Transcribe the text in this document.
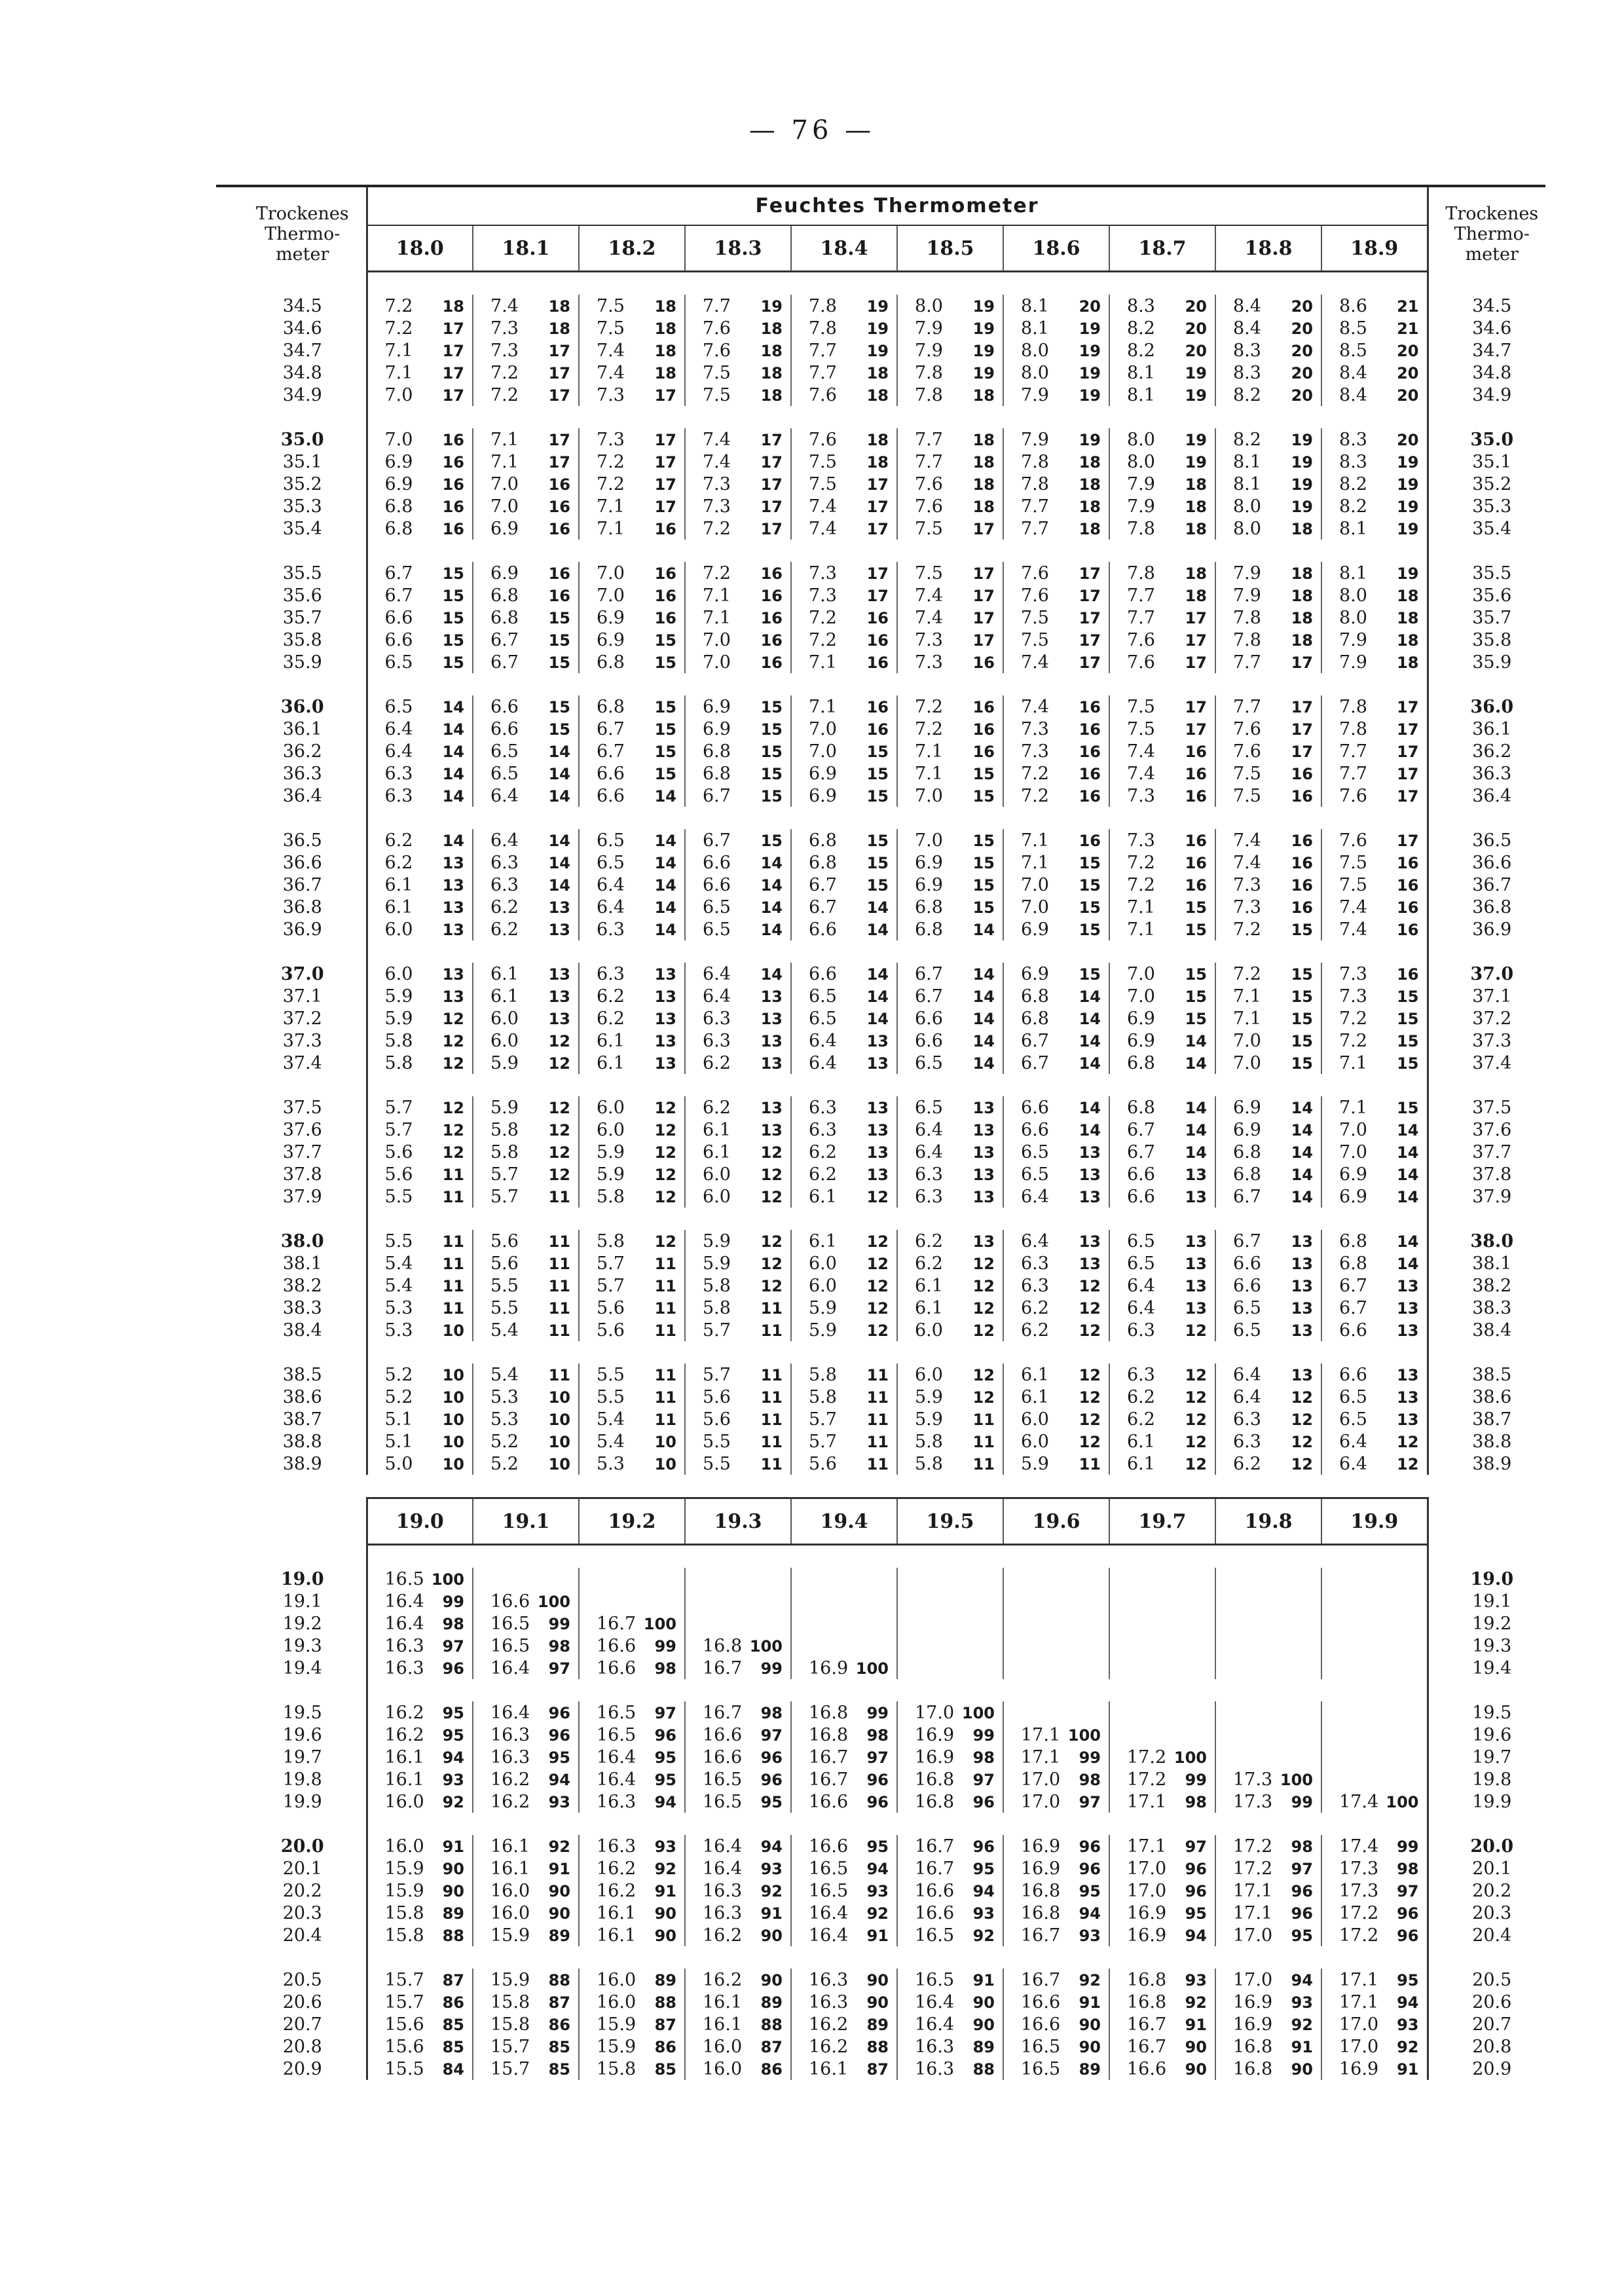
— 76 —
Trockenes Thermo-meter	Feuchtes Thermometer										Trockenes Thermo-meter
	18.0	18.1	18.2	18.3	18.4	18.5	18.6	18.7	18.8	18.9	

34.5	7.2 18	7.4 18	7.5 18	7.7 19	7.8 19	8.0 19	8.1 20	8.3 20	8.4 20	8.6 21	34.5
34.6	7.2 17	7.3 18	7.5 18	7.6 18	7.8 19	7.9 19	8.1 19	8.2 20	8.4 20	8.5 21	34.6
34.7	7.1 17	7.3 17	7.4 18	7.6 18	7.7 19	7.9 19	8.0 19	8.2 20	8.3 20	8.5 20	34.7
34.8	7.1 17	7.2 17	7.4 18	7.5 18	7.7 18	7.8 19	8.0 19	8.1 19	8.3 20	8.4 20	34.8
34.9	7.0 17	7.2 17	7.3 17	7.5 18	7.6 18	7.8 18	7.9 19	8.1 19	8.2 20	8.4 20	34.9

35.0	7.0 16	7.1 17	7.3 17	7.4 17	7.6 18	7.7 18	7.9 19	8.0 19	8.2 19	8.3 20	35.0
35.1	6.9 16	7.1 17	7.2 17	7.4 17	7.5 18	7.7 18	7.8 18	8.0 19	8.1 19	8.3 19	35.1
35.2	6.9 16	7.0 16	7.2 17	7.3 17	7.5 17	7.6 18	7.8 18	7.9 18	8.1 19	8.2 19	35.2
35.3	6.8 16	7.0 16	7.1 17	7.3 17	7.4 17	7.6 18	7.7 18	7.9 18	8.0 19	8.2 19	35.3
35.4	6.8 16	6.9 16	7.1 16	7.2 17	7.4 17	7.5 17	7.7 18	7.8 18	8.0 18	8.1 19	35.4

35.5	6.7 15	6.9 16	7.0 16	7.2 16	7.3 17	7.5 17	7.6 17	7.8 18	7.9 18	8.1 19	35.5
35.6	6.7 15	6.8 16	7.0 16	7.1 16	7.3 17	7.4 17	7.6 17	7.7 18	7.9 18	8.0 18	35.6
35.7	6.6 15	6.8 15	6.9 16	7.1 16	7.2 16	7.4 17	7.5 17	7.7 17	7.8 18	8.0 18	35.7
35.8	6.6 15	6.7 15	6.9 15	7.0 16	7.2 16	7.3 17	7.5 17	7.6 17	7.8 18	7.9 18	35.8
35.9	6.5 15	6.7 15	6.8 15	7.0 16	7.1 16	7.3 16	7.4 17	7.6 17	7.7 17	7.9 18	35.9

36.0	6.5 14	6.6 15	6.8 15	6.9 15	7.1 16	7.2 16	7.4 16	7.5 17	7.7 17	7.8 17	36.0
36.1	6.4 14	6.6 15	6.7 15	6.9 15	7.0 16	7.2 16	7.3 16	7.5 17	7.6 17	7.8 17	36.1
36.2	6.4 14	6.5 14	6.7 15	6.8 15	7.0 15	7.1 16	7.3 16	7.4 16	7.6 17	7.7 17	36.2
36.3	6.3 14	6.5 14	6.6 15	6.8 15	6.9 15	7.1 15	7.2 16	7.4 16	7.5 16	7.7 17	36.3
36.4	6.3 14	6.4 14	6.6 14	6.7 15	6.9 15	7.0 15	7.2 16	7.3 16	7.5 16	7.6 17	36.4

36.5	6.2 14	6.4 14	6.5 14	6.7 15	6.8 15	7.0 15	7.1 16	7.3 16	7.4 16	7.6 17	36.5
36.6	6.2 13	6.3 14	6.5 14	6.6 14	6.8 15	6.9 15	7.1 15	7.2 16	7.4 16	7.5 16	36.6
36.7	6.1 13	6.3 14	6.4 14	6.6 14	6.7 15	6.9 15	7.0 15	7.2 16	7.3 16	7.5 16	36.7
36.8	6.1 13	6.2 13	6.4 14	6.5 14	6.7 14	6.8 15	7.0 15	7.1 15	7.3 16	7.4 16	36.8
36.9	6.0 13	6.2 13	6.3 14	6.5 14	6.6 14	6.8 14	6.9 15	7.1 15	7.2 15	7.4 16	36.9

37.0	6.0 13	6.1 13	6.3 13	6.4 14	6.6 14	6.7 14	6.9 15	7.0 15	7.2 15	7.3 16	37.0
37.1	5.9 13	6.1 13	6.2 13	6.4 13	6.5 14	6.7 14	6.8 14	7.0 15	7.1 15	7.3 15	37.1
37.2	5.9 12	6.0 13	6.2 13	6.3 13	6.5 14	6.6 14	6.8 14	6.9 15	7.1 15	7.2 15	37.2
37.3	5.8 12	6.0 12	6.1 13	6.3 13	6.4 13	6.6 14	6.7 14	6.9 14	7.0 15	7.2 15	37.3
37.4	5.8 12	5.9 12	6.1 13	6.2 13	6.4 13	6.5 14	6.7 14	6.8 14	7.0 15	7.1 15	37.4

37.5	5.7 12	5.9 12	6.0 12	6.2 13	6.3 13	6.5 13	6.6 14	6.8 14	6.9 14	7.1 15	37.5
37.6	5.7 12	5.8 12	6.0 12	6.1 13	6.3 13	6.4 13	6.6 14	6.7 14	6.9 14	7.0 14	37.6
37.7	5.6 12	5.8 12	5.9 12	6.1 12	6.2 13	6.4 13	6.5 13	6.7 14	6.8 14	7.0 14	37.7
37.8	5.6 11	5.7 12	5.9 12	6.0 12	6.2 13	6.3 13	6.5 13	6.6 13	6.8 14	6.9 14	37.8
37.9	5.5 11	5.7 11	5.8 12	6.0 12	6.1 12	6.3 13	6.4 13	6.6 13	6.7 14	6.9 14	37.9

38.0	5.5 11	5.6 11	5.8 12	5.9 12	6.1 12	6.2 13	6.4 13	6.5 13	6.7 13	6.8 14	38.0
38.1	5.4 11	5.6 11	5.7 11	5.9 12	6.0 12	6.2 12	6.3 13	6.5 13	6.6 13	6.8 14	38.1
38.2	5.4 11	5.5 11	5.7 11	5.8 12	6.0 12	6.1 12	6.3 12	6.4 13	6.6 13	6.7 13	38.2
38.3	5.3 11	5.5 11	5.6 11	5.8 11	5.9 12	6.1 12	6.2 12	6.4 13	6.5 13	6.7 13	38.3
38.4	5.3 10	5.4 11	5.6 11	5.7 11	5.9 12	6.0 12	6.2 12	6.3 12	6.5 13	6.6 13	38.4

38.5	5.2 10	5.4 11	5.5 11	5.7 11	5.8 11	6.0 12	6.1 12	6.3 12	6.4 13	6.6 13	38.5
38.6	5.2 10	5.3 10	5.5 11	5.6 11	5.8 11	5.9 12	6.1 12	6.2 12	6.4 12	6.5 13	38.6
38.7	5.1 10	5.3 10	5.4 11	5.6 11	5.7 11	5.9 11	6.0 12	6.2 12	6.3 12	6.5 13	38.7
38.8	5.1 10	5.2 10	5.4 10	5.5 11	5.7 11	5.8 11	6.0 12	6.1 12	6.3 12	6.4 12	38.8
38.9	5.0 10	5.2 10	5.3 10	5.5 11	5.6 11	5.8 11	5.9 11	6.1 12	6.2 12	6.4 12	38.9

	19.0	19.1	19.2	19.3	19.4	19.5	19.6	19.7	19.8	19.9	

19.0	16.5 100										19.0
19.1	16.4 99	16.6 100									19.1
19.2	16.4 98	16.5 99	16.7 100								19.2
19.3	16.3 97	16.5 98	16.6 99	16.8 100							19.3
19.4	16.3 96	16.4 97	16.6 98	16.7 99	16.9 100						19.4

19.5	16.2 95	16.4 96	16.5 97	16.7 98	16.8 99	17.0 100					19.5
19.6	16.2 95	16.3 96	16.5 96	16.6 97	16.8 98	16.9 99	17.1 100				19.6
19.7	16.1 94	16.3 95	16.4 95	16.6 96	16.7 97	16.9 98	17.1 99	17.2 100			19.7
19.8	16.1 93	16.2 94	16.4 95	16.5 96	16.7 96	16.8 97	17.0 98	17.2 99	17.3 100		19.8
19.9	16.0 92	16.2 93	16.3 94	16.5 95	16.6 96	16.8 96	17.0 97	17.1 98	17.3 99	17.4 100	19.9

20.0	16.0 91	16.1 92	16.3 93	16.4 94	16.6 95	16.7 96	16.9 96	17.1 97	17.2 98	17.4 99	20.0
20.1	15.9 90	16.1 91	16.2 92	16.4 93	16.5 94	16.7 95	16.9 96	17.0 96	17.2 97	17.3 98	20.1
20.2	15.9 90	16.0 90	16.2 91	16.3 92	16.5 93	16.6 94	16.8 95	17.0 96	17.1 96	17.3 97	20.2
20.3	15.8 89	16.0 90	16.1 90	16.3 91	16.4 92	16.6 93	16.8 94	16.9 95	17.1 96	17.2 96	20.3
20.4	15.8 88	15.9 89	16.1 90	16.2 90	16.4 91	16.5 92	16.7 93	16.9 94	17.0 95	17.2 96	20.4

20.5	15.7 87	15.9 88	16.0 89	16.2 90	16.3 90	16.5 91	16.7 92	16.8 93	17.0 94	17.1 95	20.5
20.6	15.7 86	15.8 87	16.0 88	16.1 89	16.3 90	16.4 90	16.6 91	16.8 92	16.9 93	17.1 94	20.6
20.7	15.6 85	15.8 86	15.9 87	16.1 88	16.2 89	16.4 90	16.6 90	16.7 91	16.9 92	17.0 93	20.7
20.8	15.6 85	15.7 85	15.9 86	16.0 87	16.2 88	16.3 89	16.5 90	16.7 90	16.8 91	17.0 92	20.8
20.9	15.5 84	15.7 85	15.8 85	16.0 86	16.1 87	16.3 88	16.5 89	16.6 90	16.8 90	16.9 91	20.9
